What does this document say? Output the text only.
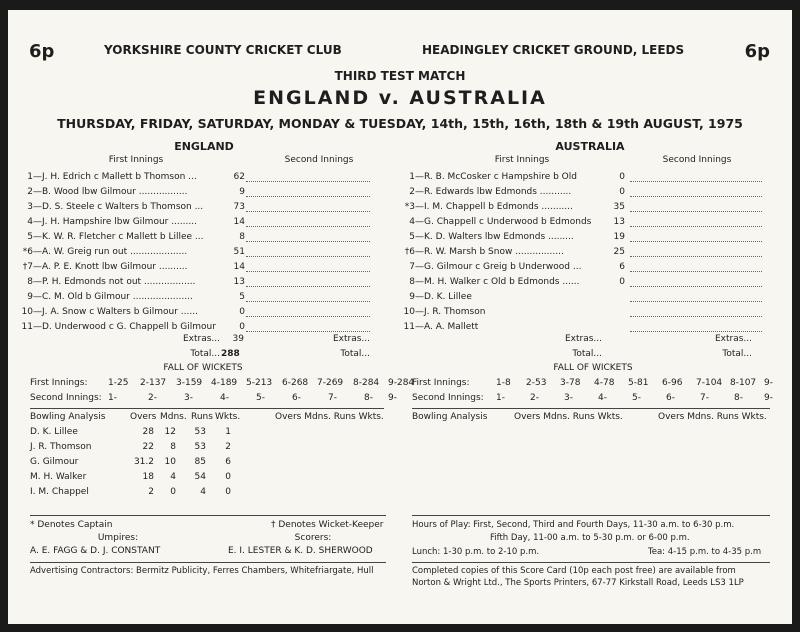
6p	6p
YORKSHIRE COUNTY CRICKET CLUB	HEADINGLEY CRICKET GROUND, LEEDS
THIRD TEST MATCH
ENGLAND v. AUSTRALIA
THURSDAY, FRIDAY, SATURDAY, MONDAY & TUESDAY, 14th, 15th, 16th, 18th & 19th AUGUST, 1975
ENGLAND
First Innings	Second Innings
1— J. H. Edrich c Mallett b Thomson ...	62
2— B. Wood lbw Gilmour .................	9
3— D. S. Steele c Walters b Thomson ...	73
4— J. H. Hampshire lbw Gilmour .........	14
5— K. W. R. Fletcher c Mallett b Lillee ...	8
*6— A. W. Greig run out ....................	51
†7— A. P. E. Knott lbw Gilmour ..........	14
8— P. H. Edmonds not out ..................	13
9— C. M. Old b Gilmour .....................	5
10— J. A. Snow c Walters b Gilmour ......	0
11— D. Underwood c G. Chappell b Gilmour	0
Extras...	39	Extras...
Total... 288	Total...
FALL OF WICKETS
First Innings: 1-25 2-137 3-159 4-189 5-213 6-268 7-269 8-284 9-284
Second Innings: 1-	2-	3-	4-	5-	6-	7-	8- 9-
Bowling Analysis	Overs Mdns. Runs Wkts.	Overs Mdns. Runs Wkts.
D. K. Lillee	28	12	53	1
J. R. Thomson	22	8	53	2
G. Gilmour	31.2	10	85	6
M. H. Walker	18	4	54	0
I. M. Chappel	2	0	4	0
AUSTRALIA
First Innings	Second Innings
1— R. B. McCosker c Hampshire b Old	0
2— R. Edwards lbw Edmonds ...........	0
*3— I. M. Chappell b Edmonds ...........	35
4— G. Chappell c Underwood b Edmonds	13
5— K. D. Walters lbw Edmonds .........	19
†6— R. W. Marsh b Snow .................	25
7— G. Gilmour c Greig b Underwood ...	6
8— M. H. Walker c Old b Edmonds ......	0
9— D. K. Lillee
10— J. R. Thomson
11— A. A. Mallett
Extras...	Extras...
Total...	Total...
FALL OF WICKETS
First Innings:	1-8 2-53 3-78 4-78 5-81 6-96 7-104 8-107 9-
Second Innings: 1-	2-	3-	4-	5-	6-	7-	8- 9-
Bowling Analysis	Overs Mdns. Runs Wkts.	Overs Mdns. Runs Wkts.
* Denotes Captain	† Denotes Wicket-Keeper
Umpires:	Scorers:
A. E. FAGG & D. J. CONSTANT	E. I. LESTER & K. D. SHERWOOD
Advertising Contractors: Bermitz Publicity, Ferres Chambers, Whitefriargate, Hull
Hours of Play: First, Second, Third and Fourth Days, 11-30 a.m. to 6-30 p.m.
Fifth Day, 11-00 a.m. to 5-30 p.m. or 6-00 p.m.
Lunch: 1-30 p.m. to 2-10 p.m.	Tea: 4-15 p.m. to 4-35 p.m
Completed copies of this Score Card (10p each post free) are available from
Norton & Wright Ltd., The Sports Printers, 67-77 Kirkstall Road, Leeds LS3 1LP
